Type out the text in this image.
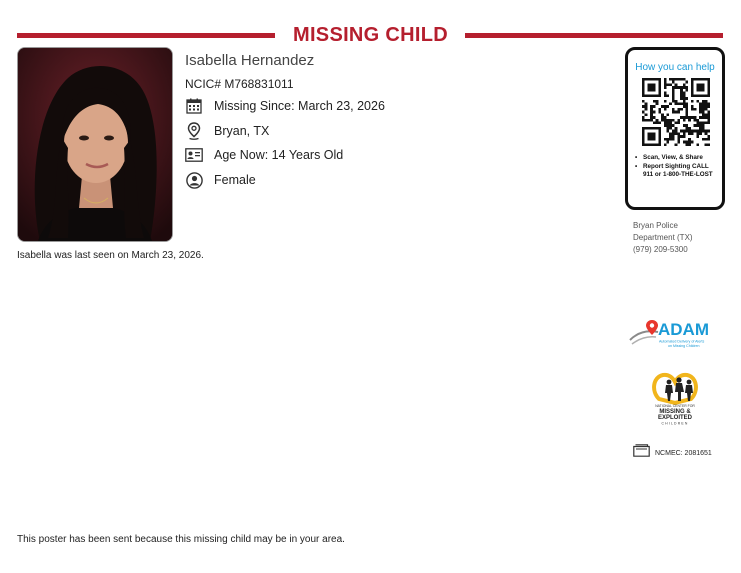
MISSING CHILD
Isabella Hernandez
NCIC# M768831011
Missing Since: March 23, 2026
Bryan, TX
Age Now: 14 Years Old
Female
Isabella was last seen on March 23, 2026.
How you can help
• Scan, View, & Share
• Report Sighting CALL 911 or 1-800-THE-LOST
Bryan Police
Department (TX)
(979) 209-5300
ADAM
Automated Delivery of Alerts
on Missing Children
NATIONAL CENTER FOR
MISSING &
EXPLOITED
CHILDREN
NCMEC: 2081651
This poster has been sent because this missing child may be in your area.
